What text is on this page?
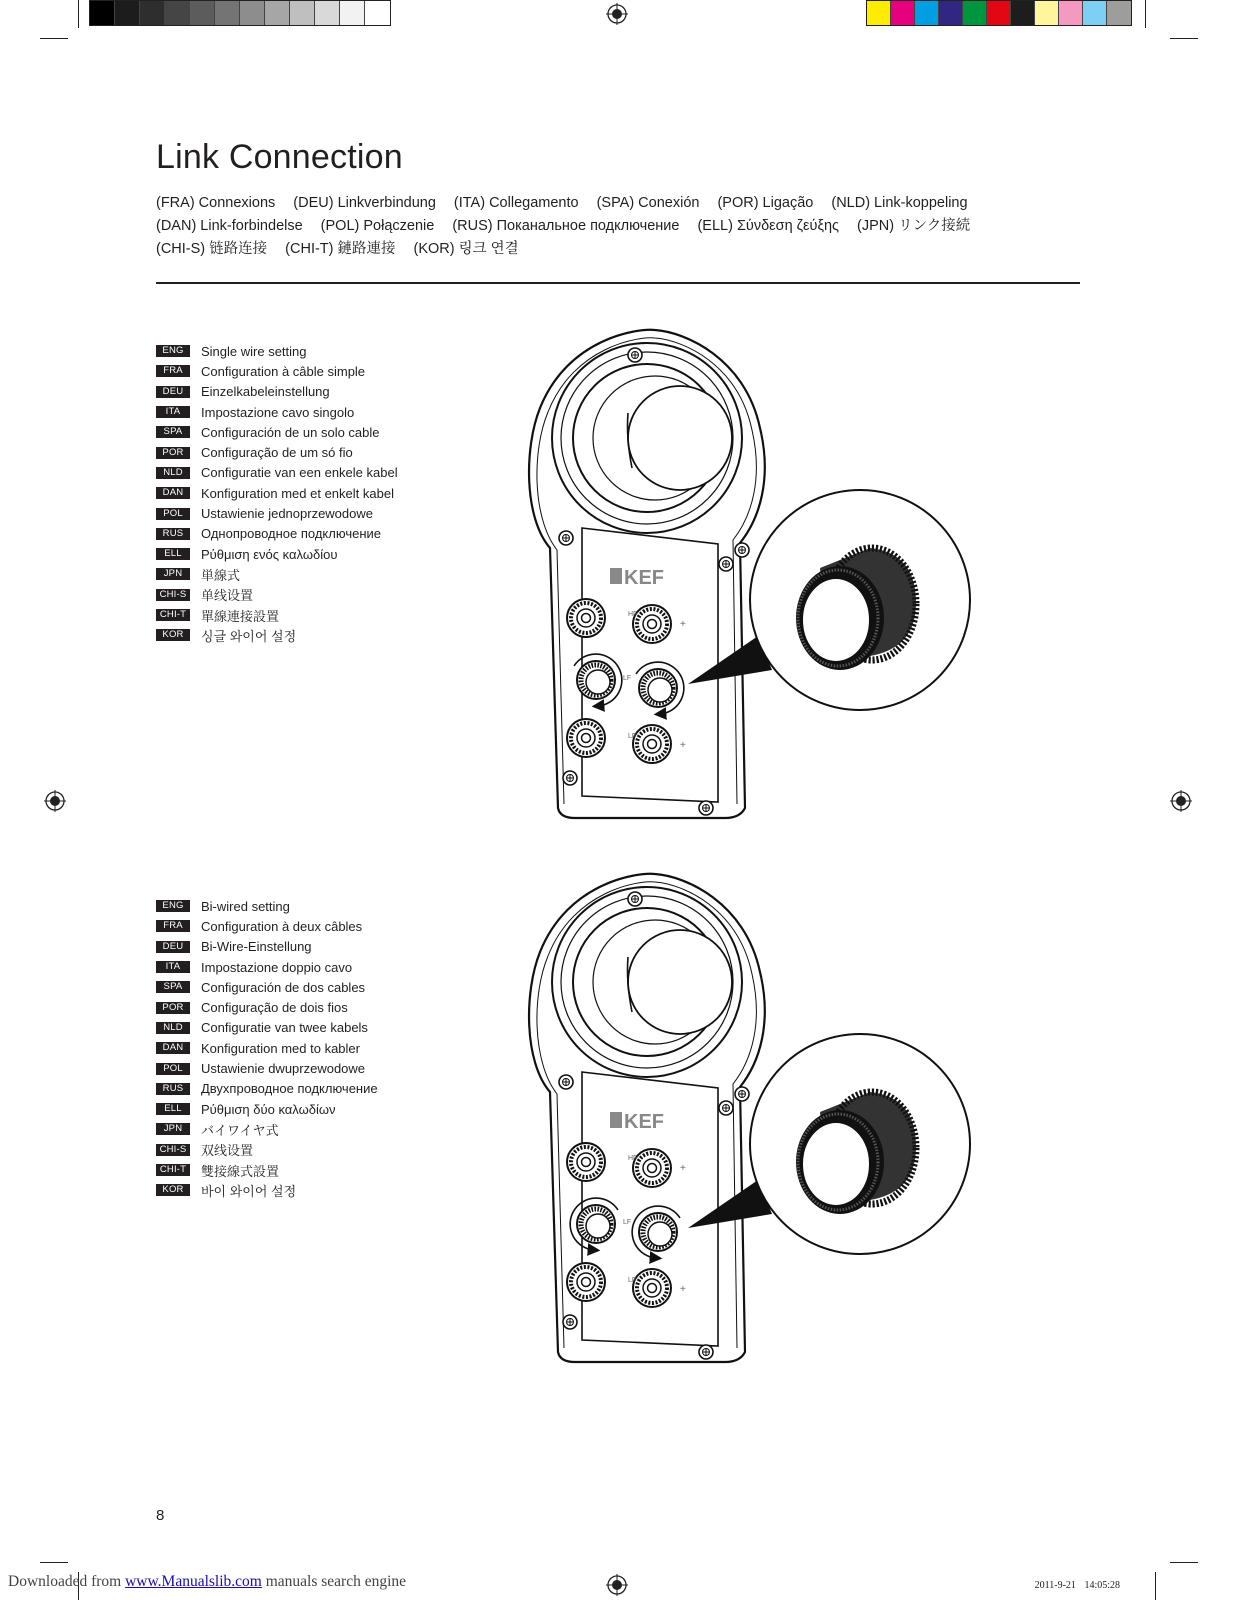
Link Connection
(FRA) Connexions (DEU) Linkverbindung (ITA) Collegamento (SPA) Conexión (POR) Ligação (NLD) Link-koppeling
(DAN) Link-forbindelse (POL) Połączenie (RUS) Поканальное подключение (ELL) Σύνδεση ζεύξης (JPN) リンク接続
(CHI-S) 链路连接 (CHI-T) 鏈路連接 (KOR) 링크 연결
ENG	Single wire setting
FRA	Configuration à câble simple
DEU	Einzelkabeleinstellung
ITA	Impostazione cavo singolo
SPA	Configuración de un solo cable
POR	Configuração de um só fio
NLD	Configuratie van een enkele kabel
DAN	Konfiguration med et enkelt kabel
POL	Ustawienie jednoprzewodowe
RUS	Однопроводное подключение
ELL	Ρύθμιση ενός καλωδίου
JPN	単線式
CHI-S 单线设置
CHI-T 單線連接設置
KOR	싱글 와이어 설정
ENG	Bi-wired setting
FRA	Configuration à deux câbles
DEU	Bi-Wire-Einstellung
ITA	Impostazione doppio cavo
SPA	Configuración de dos cables
POR	Configuração de dois fios
NLD	Configuratie van twee kabels
DAN	Konfiguration med to kabler
POL	Ustawienie dwuprzewodowe
RUS	Двухпроводное подключение
ELL	Ρύθμιση δύο καλωδίων
JPN	バイワイヤ式
CHI-S 双线设置
CHI-T 雙接線式設置
KOR	바이 와이어 설정
KEF
HF
+
LF
LF
+
KEF
HF
+
LF
LF
+
8
Downloaded from www.Manualslib.com manuals search engine	2011-9-21 14:05:28
